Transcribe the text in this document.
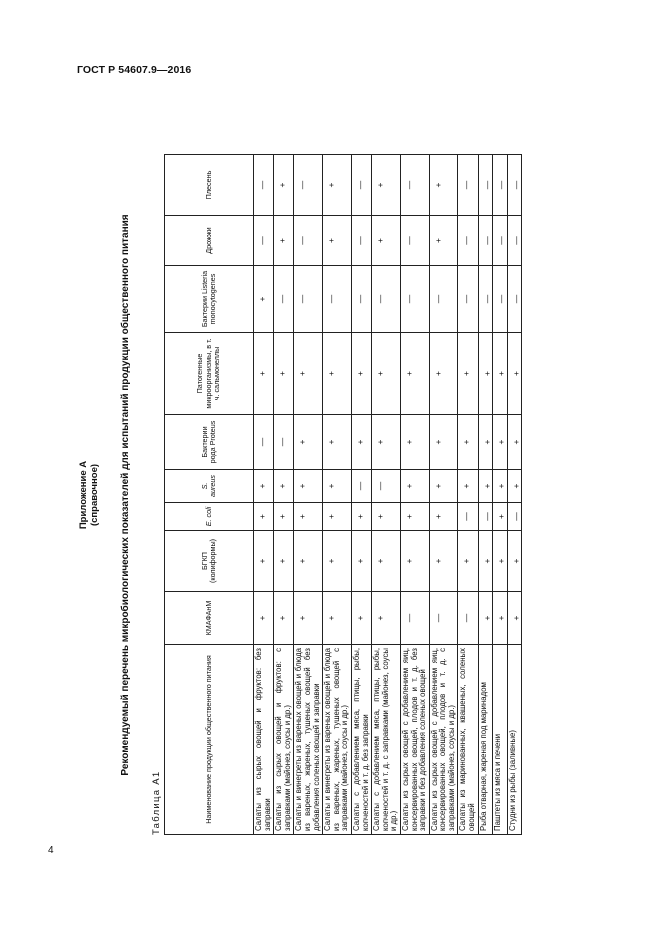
ГОСТ Р 54607.9—2016
4
Приложение А (справочное) Рекомендуемый перечень микробиологических показателей для испытаний продукции общественного питания
Таблица А1	Наименование продукции общественного питания	КМАФАнМ	БГКП (колиформы)	E. coli	S. aureus	Бактерии рода Proteus	Патогенные микроорганизмы, в т. ч. сальмонеллы	Бактерии Listeria monocytogenes	Дрожжи	Плесень
Салаты из сырых овощей и фруктов: без заправки	+	+	+	+	—	+	+	—	—
Салаты из сырых овощей и фруктов: с заправками (майонез, соусы и др.)	+	+	+	+	—	+	—	+	+
Салаты и винегреты из вареных овощей и блюда из вареных, жареных, тушеных овощей без добавления соленых овощей и заправки	+	+	+	+	+	+	—	—	—
Салаты и винегреты из вареных овощей и блюда из вареных, жареных, тушеных овощей с заправками (майонез, соусы и др.)	+	+	+	+	+	+	—	+	+
Салаты с добавлением мяса, птицы, рыбы, копченостей и т. д. без заправки	+	+	+	—	+	+	—	—	—
Салаты с добавлением мяса, птицы, рыбы, копченостей и т. д. с заправками (майонез, соусы и др.)	+	+	+	—	+	+	—	+	+
Салаты из сырых овощей с добавлением яиц, консервированных овощей, плодов и т. д. без заправки и без добавления соленых овощей	—	+	+	+	+	+	—	—	—
Салаты из сырых овощей с добавлением яиц, консервированных овощей, плодов и т. д. с заправками (майонез, соусы и др.)	—	+	+	+	+	+	—	+	+
Салаты из маринованных, квашеных, соленых овощей	—	+	—	+	+	+	—	—	—
Рыба отварная, жареная под маринадом	+	+	—	+	+	+	—	—	—
Паштеты из мяса и печени	+	+	+	+	+	+	—	—	—
Студни из рыбы (заливные)	+	+	—	+	+	+	—	—	—
